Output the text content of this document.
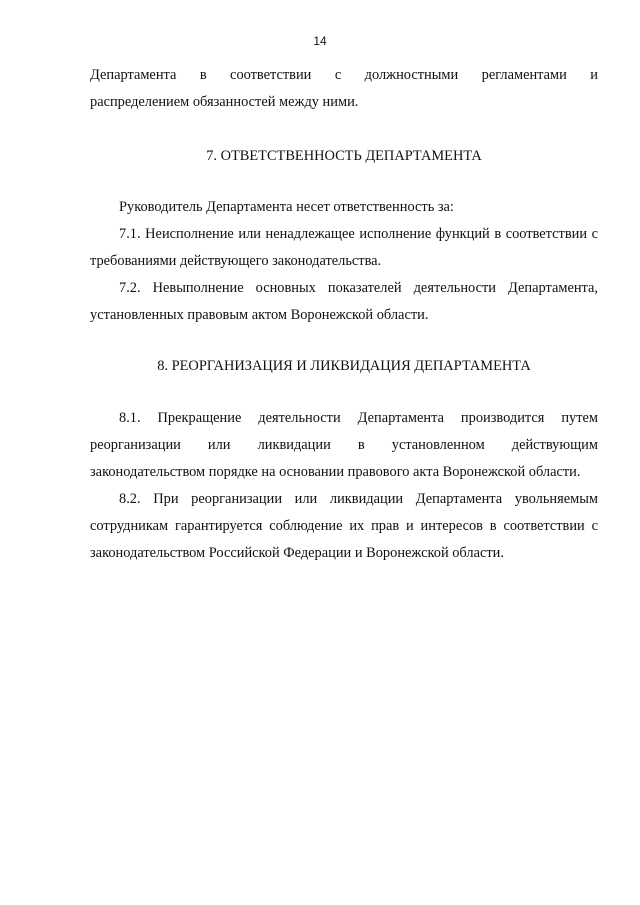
14

Департамента в соответствии с должностными регламентами и

распределением обязанностей между ними.

7. ОТВЕТСТВЕННОСТЬ ДЕПАРТАМЕНТА

Руководитель Департамента несет ответственность за:

7.1. Неисполнение или ненадлежащее исполнение функций в соответствии с требованиями действующего законодательства.

7.2. Невыполнение основных показателей деятельности Департамента, установленных правовым актом Воронежской области.

8. РЕОРГАНИЗАЦИЯ И ЛИКВИДАЦИЯ ДЕПАРТАМЕНТА

8.1. Прекращение деятельности Департамента производится путем реорганизации или ликвидации в установленном действующим законодательством порядке на основании правового акта Воронежской области.

8.2. При реорганизации или ликвидации Департамента увольняемым сотрудникам гарантируется соблюдение их прав и интересов в соответствии с законодательством Российской Федерации и Воронежской области.
